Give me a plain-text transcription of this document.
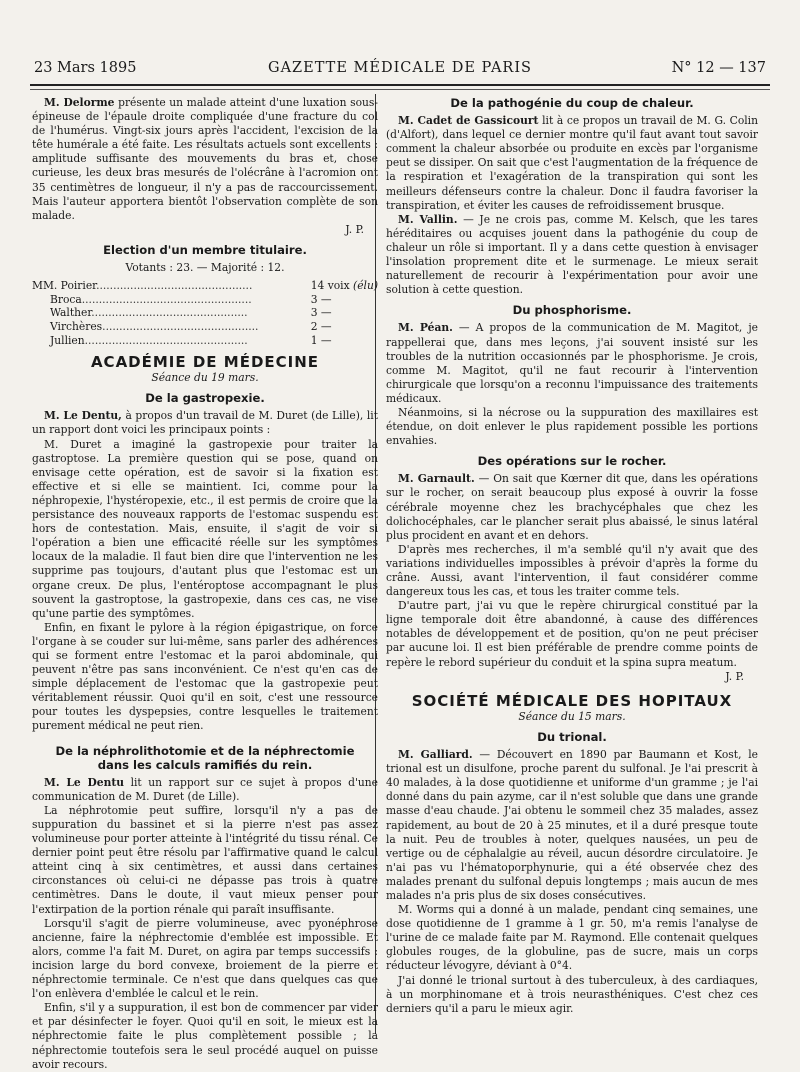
23 Mars 1895	GAZETTE MÉDICALE DE PARIS	N° 12 — 137

M. Delorme présente un malade atteint d'une luxation sous-épineuse de l'épaule droite compliquée d'une fracture du col de l'humérus. Vingt-six jours après l'accident, l'excision de la tête humérale a été faite. Les résultats actuels sont excellents : amplitude suffisante des mouvements du bras et, chose curieuse, les deux bras mesurés de l'olécrâne à l'acromion ont 35 centimètres de longueur, il n'y a pas de raccourcissement. Mais l'auteur apportera bientôt l'observation complète de son malade.

J. P.
Election d'un membre titulaire.
Votants : 23. — Majorité : 12.
MM. Poirier..............................................	14 voix (élu)
Broca..................................................	3 —
Walther..............................................	3 —
Virchères..............................................	2 —
Jullien................................................	1 —
ACADÉMIE DE MÉDECINE
Séance du 19 mars.
De la gastropexie.

M. Le Dentu, à propos d'un travail de M. Duret (de Lille), lit un rapport dont voici les principaux points :

M. Duret a imaginé la gastropexie pour traiter la gastroptose. La première question qui se pose, quand on envisage cette opération, est de savoir si la fixation est effective et si elle se maintient. Ici, comme pour la néphropexie, l'hystéropexie, etc., il est permis de croire que la persistance des nouveaux rapports de l'estomac suspendu est hors de contestation. Mais, ensuite, il s'agit de voir si l'opération a bien une efficacité réelle sur les symptômes locaux de la maladie. Il faut bien dire que l'intervention ne les supprime pas toujours, d'autant plus que l'estomac est un organe creux. De plus, l'entéroptose accompagnant le plus souvent la gastroptose, la gastropexie, dans ces cas, ne vise qu'une partie des symptômes.

Enfin, en fixant le pylore à la région épigastrique, on force l'organe à se couder sur lui-même, sans parler des adhérences qui se forment entre l'estomac et la paroi abdominale, qui peuvent n'être pas sans inconvénient. Ce n'est qu'en cas de simple déplacement de l'estomac que la gastropexie peut véritablement réussir. Quoi qu'il en soit, c'est une ressource pour toutes les dyspepsies, contre lesquelles le traitement purement médical ne peut rien.

De la néphrolithotomie et de la néphrectomie
dans les calculs ramifiés du rein.

M. Le Dentu lit un rapport sur ce sujet à propos d'une communication de M. Duret (de Lille).

La néphrotomie peut suffire, lorsqu'il n'y a pas de suppuration du bassinet et si la pierre n'est pas assez volumineuse pour porter atteinte à l'intégrité du tissu rénal. Ce dernier point peut être résolu par l'affirmative quand le calcul atteint cinq à six centimètres, et aussi dans certaines circonstances où celui-ci ne dépasse pas trois à quatre centimètres. Dans le doute, il vaut mieux penser pour l'extirpation de la portion rénale qui paraît insuffisante.

Lorsqu'il s'agit de pierre volumineuse, avec pyonéphrose ancienne, faire la néphrectomie d'emblée est impossible. Et alors, comme l'a fait M. Duret, on agira par temps successifs : incision large du bord convexe, broiement de la pierre et néphrectomie terminale. Ce n'est que dans quelques cas que l'on enlèvera d'emblée le calcul et le rein.

Enfin, s'il y a suppuration, il est bon de commencer par vider et par désinfecter le foyer. Quoi qu'il en soit, le mieux est la néphrectomie faite le plus complètement possible ; la néphrectomie toutefois sera le seul procédé auquel on puisse avoir recours.

De la pathogénie du coup de chaleur.

M. Cadet de Gassicourt lit à ce propos un travail de M. G. Colin (d'Alfort), dans lequel ce dernier montre qu'il faut avant tout savoir comment la chaleur absorbée ou produite en excès par l'organisme peut se dissiper. On sait que c'est l'augmentation de la fréquence de la respiration et l'exagération de la transpiration qui sont les meilleurs défenseurs contre la chaleur. Donc il faudra favoriser la transpiration, et éviter les causes de refroidissement brusque.

M. Vallin. — Je ne crois pas, comme M. Kelsch, que les tares héréditaires ou acquises jouent dans la pathogénie du coup de chaleur un rôle si important. Il y a dans cette question à envisager l'insolation proprement dite et le surmenage. Le mieux serait naturellement de recourir à l'expérimentation pour avoir une solution à cette question.

Du phosphorisme.

M. Péan. — A propos de la communication de M. Magitot, je rappellerai que, dans mes leçons, j'ai souvent insisté sur les troubles de la nutrition occasionnés par le phosphorisme. Je crois, comme M. Magitot, qu'il ne faut recourir à l'intervention chirurgicale que lorsqu'on a reconnu l'impuissance des traitements médicaux.

Néanmoins, si la nécrose ou la suppuration des maxillaires est étendue, on doit enlever le plus rapidement possible les portions envahies.

Des opérations sur le rocher.

M. Garnault. — On sait que Kœrner dit que, dans les opérations sur le rocher, on serait beaucoup plus exposé à ouvrir la fosse cérébrale moyenne chez les brachycéphales que chez les dolichocéphales, car le plancher serait plus abaissé, le sinus latéral plus procident en avant et en dehors.

D'après mes recherches, il m'a semblé qu'il n'y avait que des variations individuelles impossibles à prévoir d'après la forme du crâne. Aussi, avant l'intervention, il faut considérer comme dangereux tous les cas, et tous les traiter comme tels.

D'autre part, j'ai vu que le repère chirurgical constitué par la ligne temporale doit être abandonné, à cause des différences notables de développement et de position, qu'on ne peut préciser par aucune loi. Il est bien préférable de prendre comme points de repère le rebord supérieur du conduit et la spina supra meatum.

J. P.
SOCIÉTÉ MÉDICALE DES HOPITAUX
Séance du 15 mars.
Du trional.

M. Galliard. — Découvert en 1890 par Baumann et Kost, le trional est un disulfone, proche parent du sulfonal. Je l'ai prescrit à 40 malades, à la dose quotidienne et uniforme d'un gramme ; je l'ai donné dans du pain azyme, car il n'est soluble que dans une grande masse d'eau chaude. J'ai obtenu le sommeil chez 35 malades, assez rapidement, au bout de 20 à 25 minutes, et il a duré presque toute la nuit. Peu de troubles à noter, quelques nausées, un peu de vertige ou de céphalalgie au réveil, aucun désordre circulatoire. Je n'ai pas vu l'hématoporphynurie, qui a été observée chez des malades prenant du sulfonal depuis longtemps ; mais aucun de mes malades n'a pris plus de six doses consécutives.

M. Worms qui a donné à un malade, pendant cinq semaines, une dose quotidienne de 1 gramme à 1 gr. 50, m'a remis l'analyse de l'urine de ce malade faite par M. Raymond. Elle contenait quelques globules rouges, de la globuline, pas de sucre, mais un corps réducteur lévogyre, déviant à 0°4.

J'ai donné le trional surtout à des tuberculeux, à des cardiaques, à un morphinomane et à trois neurasthéniques. C'est chez ces derniers qu'il a paru le mieux agir.
